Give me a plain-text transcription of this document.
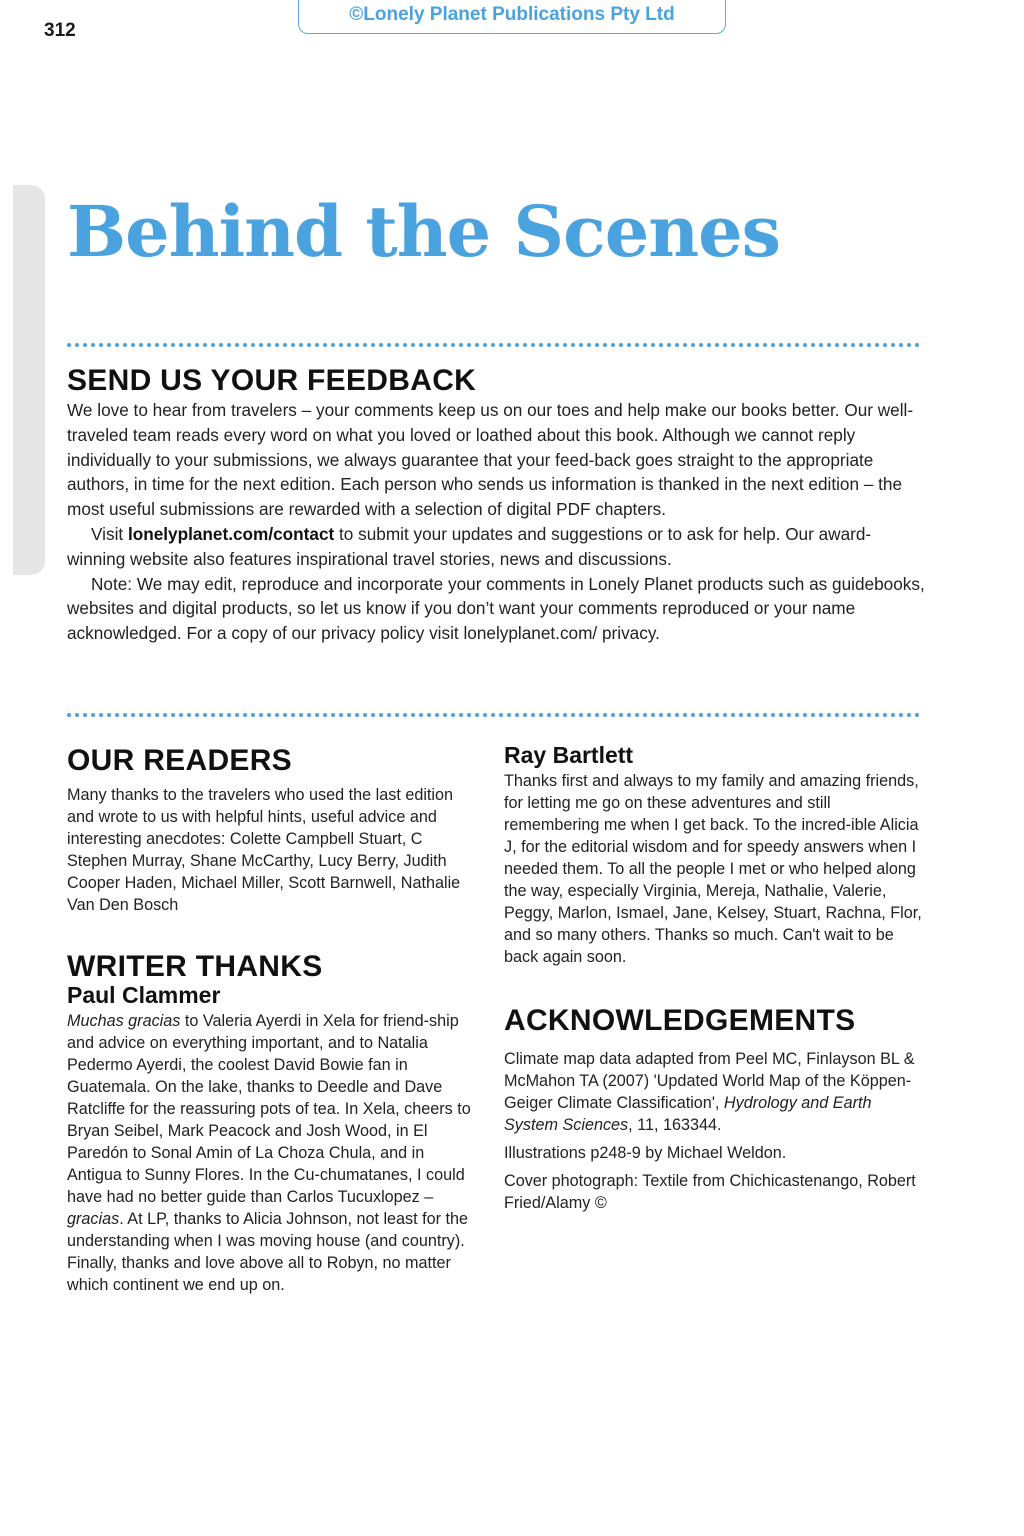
312
©Lonely Planet Publications Pty Ltd
Behind the Scenes
SEND US YOUR FEEDBACK

We love to hear from travelers – your comments keep us on our toes and help make our books better. Our well-traveled team reads every word on what you loved or loathed about this book. Although we cannot reply individually to your submissions, we always guarantee that your feed-back goes straight to the appropriate authors, in time for the next edition. Each person who sends us information is thanked in the next edition – the most useful submissions are rewarded with a selection of digital PDF chapters.

Visit lonelyplanet.com/contact to submit your updates and suggestions or to ask for help. Our award-winning website also features inspirational travel stories, news and discussions.

Note: We may edit, reproduce and incorporate your comments in Lonely Planet products such as guidebooks, websites and digital products, so let us know if you don’t want your comments reproduced or your name acknowledged. For a copy of our privacy policy visit lonelyplanet.com/ privacy.

OUR READERS

Many thanks to the travelers who used the last edition and wrote to us with helpful hints, useful advice and interesting anecdotes: Colette Campbell Stuart, C Stephen Murray, Shane McCarthy, Lucy Berry, Judith Cooper Haden, Michael Miller, Scott Barnwell, Nathalie Van Den Bosch

WRITER THANKS
Paul Clammer

Muchas gracias to Valeria Ayerdi in Xela for friend-ship and advice on everything important, and to Natalia Pedermo Ayerdi, the coolest David Bowie fan in Guatemala. On the lake, thanks to Deedle and Dave Ratcliffe for the reassuring pots of tea. In Xela, cheers to Bryan Seibel, Mark Peacock and Josh Wood, in El Paredón to Sonal Amin of La Choza Chula, and in Antigua to Sunny Flores. In the Cu-chumatanes, I could have had no better guide than Carlos Tucuxlopez – gracias. At LP, thanks to Alicia Johnson, not least for the understanding when I was moving house (and country). Finally, thanks and love above all to Robyn, no matter which continent we end up on.

Ray Bartlett

Thanks first and always to my family and amazing friends, for letting me go on these adventures and still remembering me when I get back. To the incred-ible Alicia J, for the editorial wisdom and for speedy answers when I needed them. To all the people I met or who helped along the way, especially Virginia, Mereja, Nathalie, Valerie, Peggy, Marlon, Ismael, Jane, Kelsey, Stuart, Rachna, Flor, and so many others. Thanks so much. Can't wait to be back again soon.

ACKNOWLEDGEMENTS

Climate map data adapted from Peel MC, Finlayson BL & McMahon TA (2007) 'Updated World Map of the Köppen-Geiger Climate Classification', Hydrology and Earth System Sciences, 11, 163344.

Illustrations p248-9 by Michael Weldon.

Cover photograph: Textile from Chichicastenango, Robert Fried/Alamy ©
